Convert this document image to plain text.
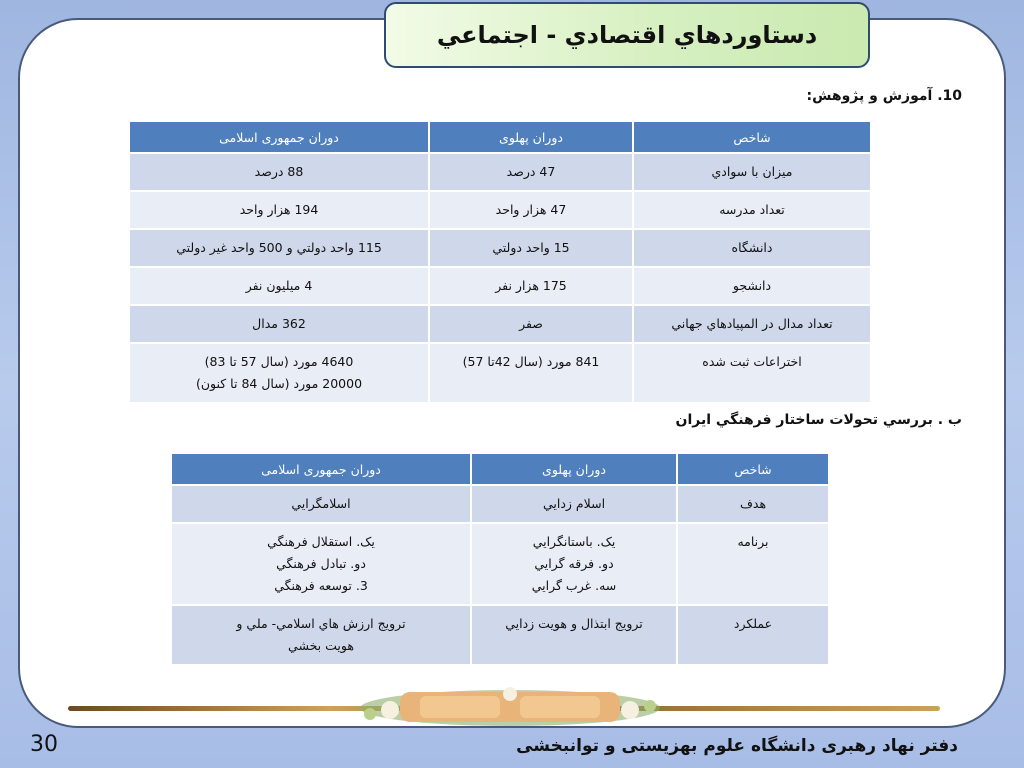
دستاوردهاي اقتصادي - اجتماعي
10. آموزش و پژوهش:
شاخص	دوران پهلوی	دوران جمهوری اسلامی
ميزان با سوادي	47 درصد	88 درصد
تعداد مدرسه	47 هزار واحد	194 هزار واحد
دانشگاه	15 واحد دولتي	115 واحد دولتي و 500 واحد غير دولتي
دانشجو	175 هزار نفر	4 ميليون نفر
تعداد مدال در المپيادهاي جهاني	صفر	362 مدال
اختراعات ثبت شده	841 مورد (سال 42تا 57)	4640 مورد (سال 57 تا 83)
20000 مورد (سال 84 تا كنون)
ب . بررسي تحولات ساختار فرهنگي ايران
شاخص	دوران پهلوی	دوران جمهوری اسلامی
هدف	اسلام زدايي	اسلامگرايي
برنامه	یک. باستانگرايي
دو. فرقه گرايي
سه. غرب گرايي	یک. استقلال فرهنگي
دو. تبادل فرهنگي
3. توسعه فرهنگي

عملكرد	ترويج ابتذال و هويت زدايي	ترويج ارزش هاي اسلامي- ملي و
هويت بخشي
30	دفتر نهاد رهبری دانشگاه علوم بهزیستی و توانبخشی
